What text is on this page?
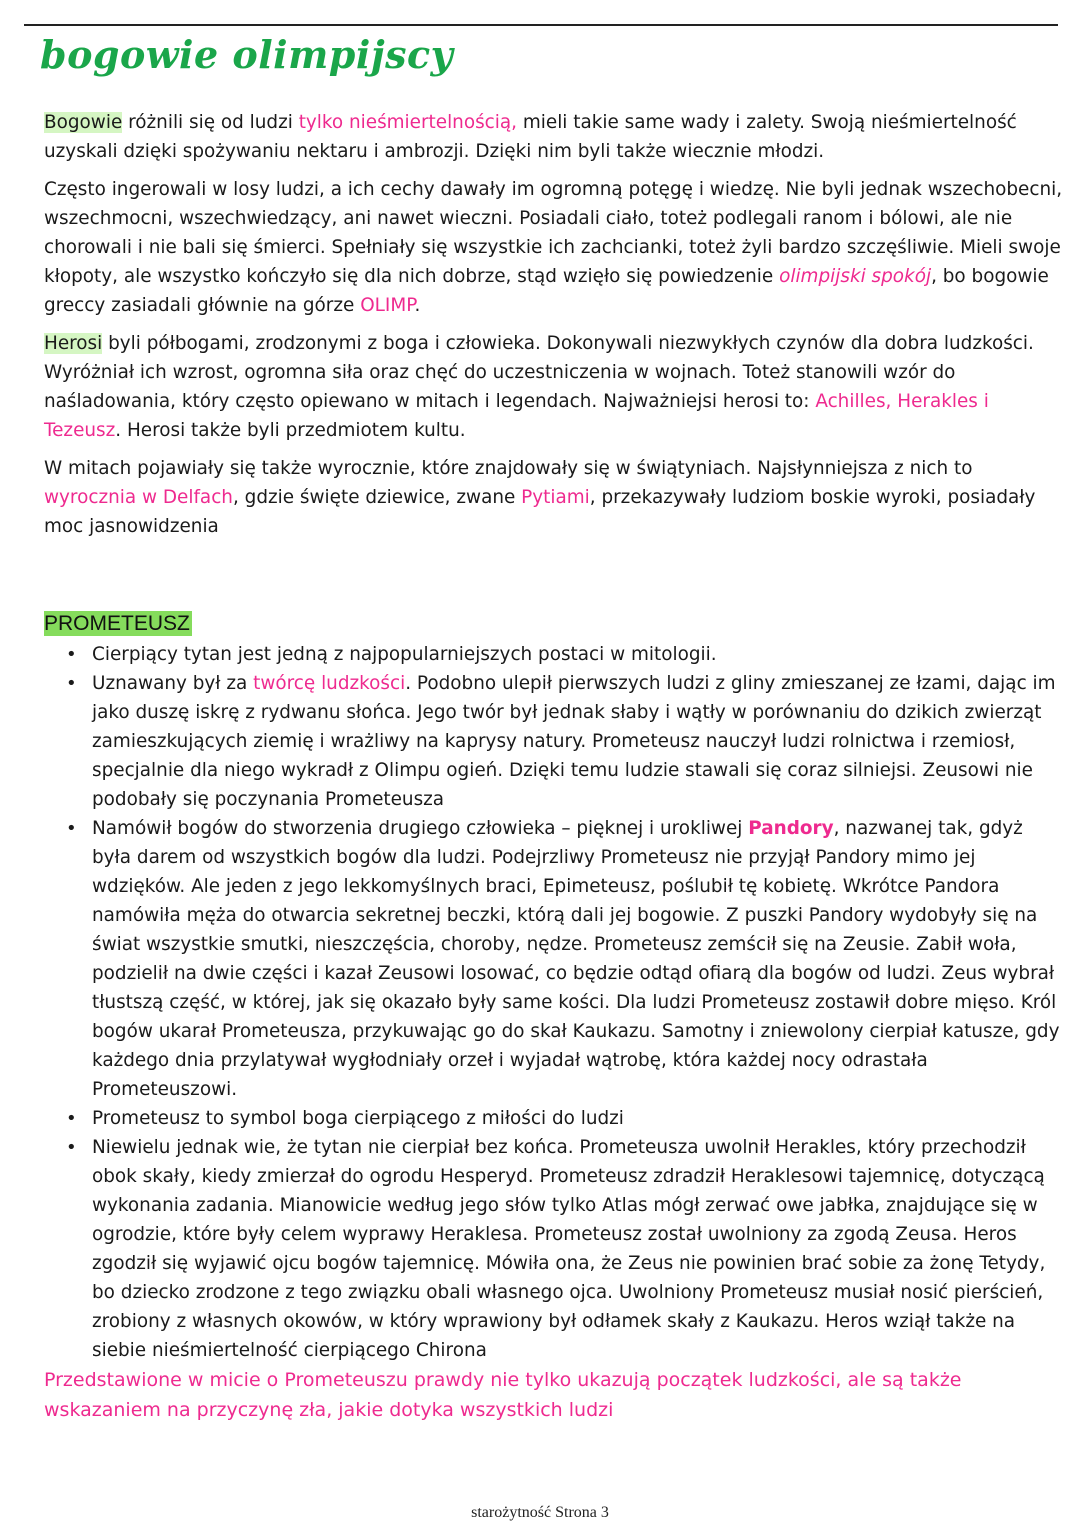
bogowie olimpijscy

Bogowie różnili się od ludzi tylko nieśmiertelnością, mieli takie same wady i zalety. Swoją nieśmiertelność uzyskali dzięki spożywaniu nektaru i ambrozji. Dzięki nim byli także wiecznie młodzi.

Często ingerowali w losy ludzi, a ich cechy dawały im ogromną potęgę i wiedzę. Nie byli jednak wszechobecni, wszechmocni, wszechwiedzący, ani nawet wieczni. Posiadali ciało, toteż podlegali ranom i bólowi, ale nie chorowali i nie bali się śmierci. Spełniały się wszystkie ich zachcianki, toteż żyli bardzo szczęśliwie. Mieli swoje kłopoty, ale wszystko kończyło się dla nich dobrze, stąd wzięło się powiedzenie olimpijski spokój, bo bogowie greccy zasiadali głównie na górze OLIMP.

Herosi byli półbogami, zrodzonymi z boga i człowieka. Dokonywali niezwykłych czynów dla dobra ludzkości. Wyróżniał ich wzrost, ogromna siła oraz chęć do uczestniczenia w wojnach. Toteż stanowili wzór do naśladowania, który często opiewano w mitach i legendach. Najważniejsi herosi to: Achilles, Herakles i Tezeusz. Herosi także byli przedmiotem kultu.

W mitach pojawiały się także wyrocznie, które znajdowały się w świątyniach. Najsłynniejsza z nich to wyrocznia w Delfach, gdzie święte dziewice, zwane Pytiami, przekazywały ludziom boskie wyroki, posiadały moc jasnowidzenia

PROMETEUSZ

• Cierpiący tytan jest jedną z najpopularniejszych postaci w mitologii.
• Uznawany był za twórcę ludzkości. Podobno ulepił pierwszych ludzi z gliny zmieszanej ze łzami, dając im jako duszę iskrę z rydwanu słońca. Jego twór był jednak słaby i wątły w porównaniu do dzikich zwierząt zamieszkujących ziemię i wrażliwy na kaprysy natury. Prometeusz nauczył ludzi rolnictwa i rzemiosł, specjalnie dla niego wykradł z Olimpu ogień. Dzięki temu ludzie stawali się coraz silniejsi. Zeusowi nie podobały się poczynania Prometeusza
• Namówił bogów do stworzenia drugiego człowieka – pięknej i urokliwej Pandory, nazwanej tak, gdyż była darem od wszystkich bogów dla ludzi. Podejrzliwy Prometeusz nie przyjął Pandory mimo jej wdzięków. Ale jeden z jego lekkomyślnych braci, Epimeteusz, poślubił tę kobietę. Wkrótce Pandora namówiła męża do otwarcia sekretnej beczki, którą dali jej bogowie. Z puszki Pandory wydobyły się na świat wszystkie smutki, nieszczęścia, choroby, nędze. Prometeusz zemścił się na Zeusie. Zabił woła, podzielił na dwie części i kazał Zeusowi losować, co będzie odtąd ofiarą dla bogów od ludzi. Zeus wybrał tłustszą część, w której, jak się okazało były same kości. Dla ludzi Prometeusz zostawił dobre mięso. Król bogów ukarał Prometeusza, przykuwając go do skał Kaukazu. Samotny i zniewolony cierpiał katusze, gdy każdego dnia przylatywał wygłodniały orzeł i wyjadał wątrobę, która każdej nocy odrastała Prometeuszowi.
• Prometeusz to symbol boga cierpiącego z miłości do ludzi
• Niewielu jednak wie, że tytan nie cierpiał bez końca. Prometeusza uwolnił Herakles, który przechodził obok skały, kiedy zmierzał do ogrodu Hesperyd. Prometeusz zdradził Heraklesowi tajemnicę, dotyczącą wykonania zadania. Mianowicie według jego słów tylko Atlas mógł zerwać owe jabłka, znajdujące się w ogrodzie, które były celem wyprawy Heraklesa. Prometeusz został uwolniony za zgodą Zeusa. Heros zgodził się wyjawić ojcu bogów tajemnicę. Mówiła ona, że Zeus nie powinien brać sobie za żonę Tetydy, bo dziecko zrodzone z tego związku obali własnego ojca. Uwolniony Prometeusz musiał nosić pierścień, zrobiony z własnych okowów, w który wprawiony był odłamek skały z Kaukazu. Heros wziął także na siebie nieśmiertelność cierpiącego Chirona

Przedstawione w micie o Prometeuszu prawdy nie tylko ukazują początek ludzkości, ale są także wskazaniem na przyczynę zła, jakie dotyka wszystkich ludzi

starożytność Strona 3
